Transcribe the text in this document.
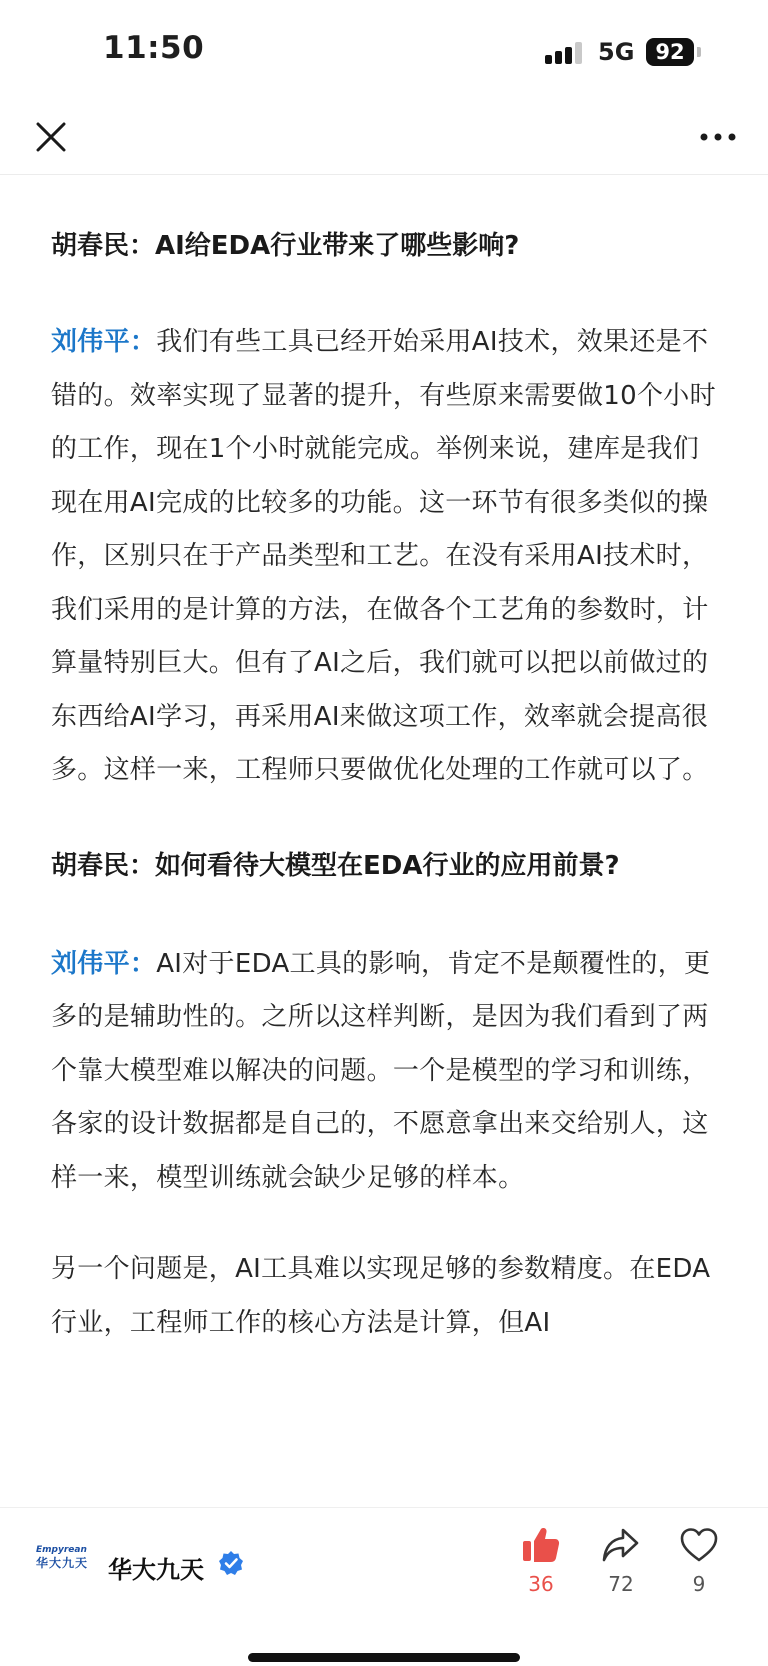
11:50	5G 92

胡春民：AI给EDA行业带来了哪些影响?

刘伟平：我们有些工具已经开始采用AI技术，效果还是不错的。效率实现了显著的提升，有些原来需要做10个小时的工作，现在1个小时就能完成。举例来说，建库是我们现在用AI完成的比较多的功能。这一环节有很多类似的操作，区别只在于产品类型和工艺。在没有采用AI技术时，我们采用的是计算的方法，在做各个工艺角的参数时，计算量特别巨大。但有了AI之后，我们就可以把以前做过的东西给AI学习，再采用AI来做这项工作，效率就会提高很多。这样一来，工程师只要做优化处理的工作就可以了。

胡春民：如何看待大模型在EDA行业的应用前景?

刘伟平：AI对于EDA工具的影响，肯定不是颠覆性的，更多的是辅助性的。之所以这样判断，是因为我们看到了两个靠大模型难以解决的问题。一个是模型的学习和训练，各家的设计数据都是自己的，不愿意拿出来交给别人，这样一来，模型训练就会缺少足够的样本。

另一个问题是，AI工具难以实现足够的参数精度。在EDA行业，工程师工作的核心方法是计算，但AI

Empyrean
华大九天 华大九天	36	72	9
